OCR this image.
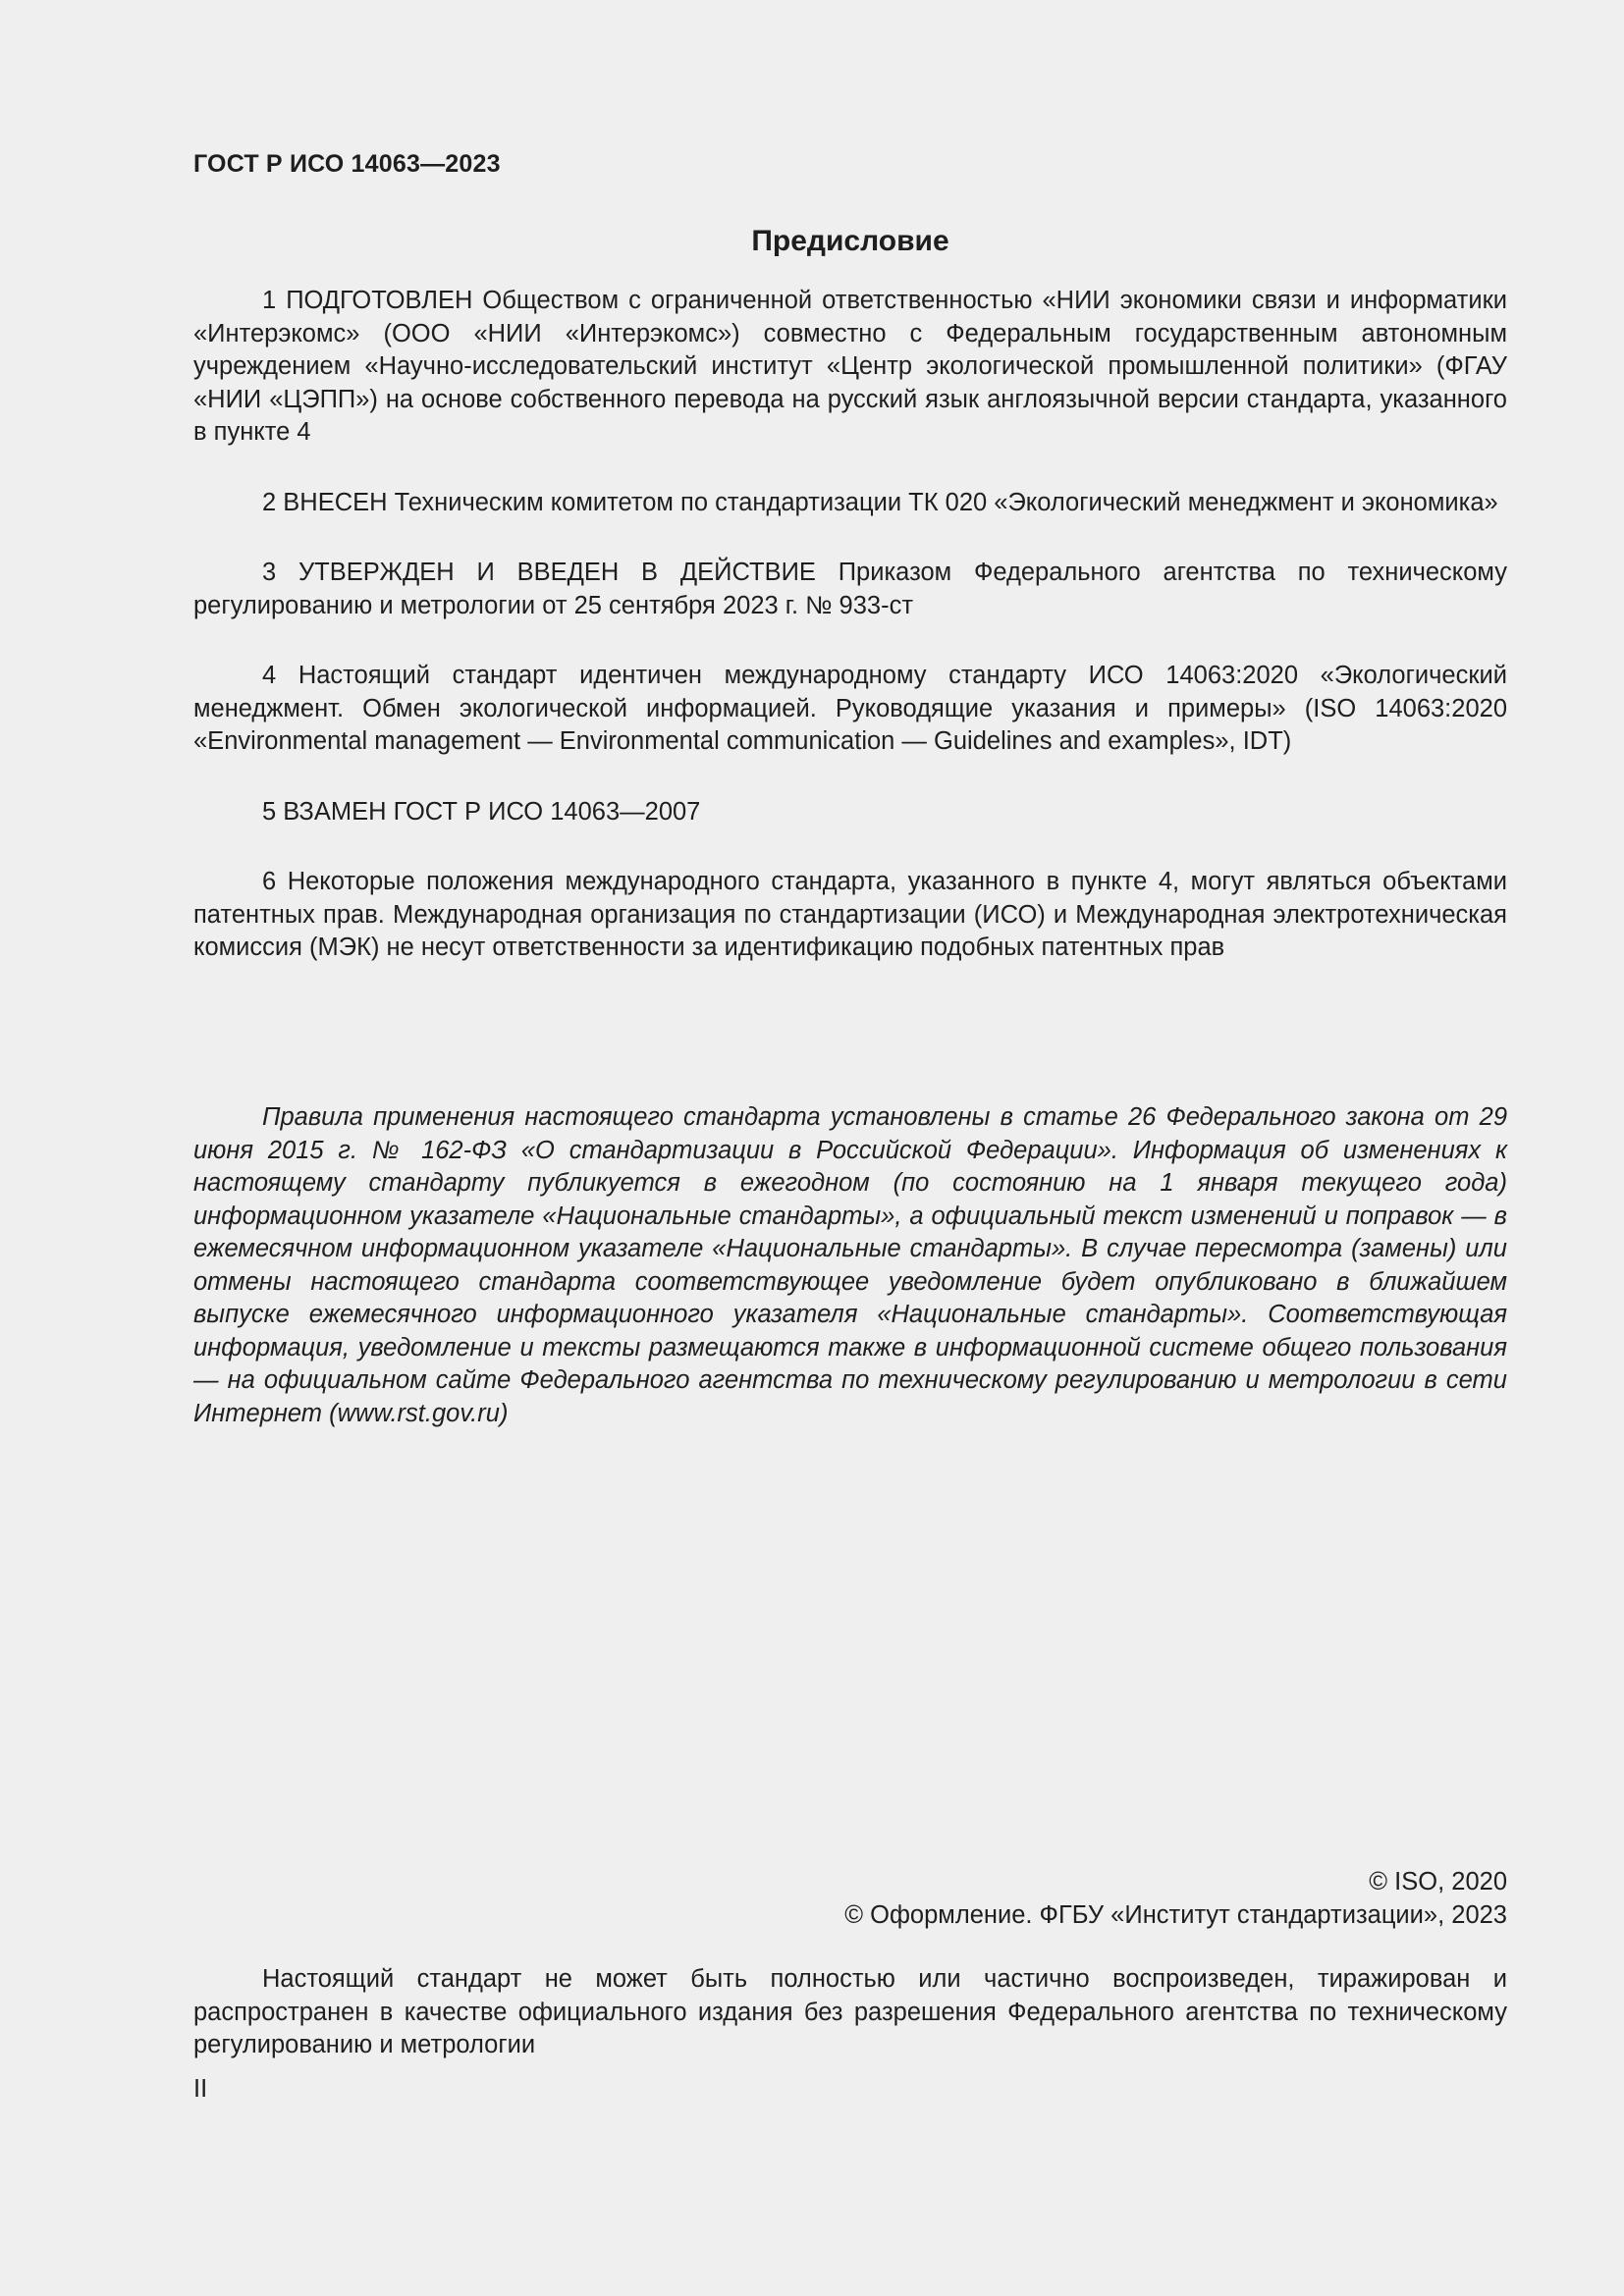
ГОСТ Р ИСО 14063—2023
Предисловие

1 ПОДГОТОВЛЕН Обществом с ограниченной ответственностью «НИИ экономики связи и информатики «Интерэкомс» (ООО «НИИ «Интерэкомс») совместно с Федеральным государственным автономным учреждением «Научно-исследовательский институт «Центр экологической промышленной политики» (ФГАУ «НИИ «ЦЭПП») на основе собственного перевода на русский язык англоязычной версии стандарта, указанного в пункте 4

2 ВНЕСЕН Техническим комитетом по стандартизации ТК 020 «Экологический менеджмент и экономика»

3 УТВЕРЖДЕН И ВВЕДЕН В ДЕЙСТВИЕ Приказом Федерального агентства по техническому регулированию и метрологии от 25 сентября 2023 г. № 933-ст

4 Настоящий стандарт идентичен международному стандарту ИСО 14063:2020 «Экологический менеджмент. Обмен экологической информацией. Руководящие указания и примеры» (ISO 14063:2020 «Environmental management — Environmental communication — Guidelines and examples», IDT)

5 ВЗАМЕН ГОСТ Р ИСО 14063—2007

6 Некоторые положения международного стандарта, указанного в пункте 4, могут являться объектами патентных прав. Международная организация по стандартизации (ИСО) и Международная электротехническая комиссия (МЭК) не несут ответственности за идентификацию подобных патентных прав

Правила применения настоящего стандарта установлены в статье 26 Федерального закона от 29 июня 2015 г. № 162-ФЗ «О стандартизации в Российской Федерации». Информация об изменениях к настоящему стандарту публикуется в ежегодном (по состоянию на 1 января текущего года) информационном указателе «Национальные стандарты», а официальный текст изменений и поправок — в ежемесячном информационном указателе «Национальные стандарты». В случае пересмотра (замены) или отмены настоящего стандарта соответствующее уведомление будет опубликовано в ближайшем выпуске ежемесячного информационного указателя «Национальные стандарты». Соответствующая информация, уведомление и тексты размещаются также в информационной системе общего пользования — на официальном сайте Федерального агентства по техническому регулированию и метрологии в сети Интернет (www.rst.gov.ru)

© ISO, 2020
© Оформление. ФГБУ «Институт стандартизации», 2023

Настоящий стандарт не может быть полностью или частично воспроизведен, тиражирован и распространен в качестве официального издания без разрешения Федерального агентства по техническому регулированию и метрологии

II
